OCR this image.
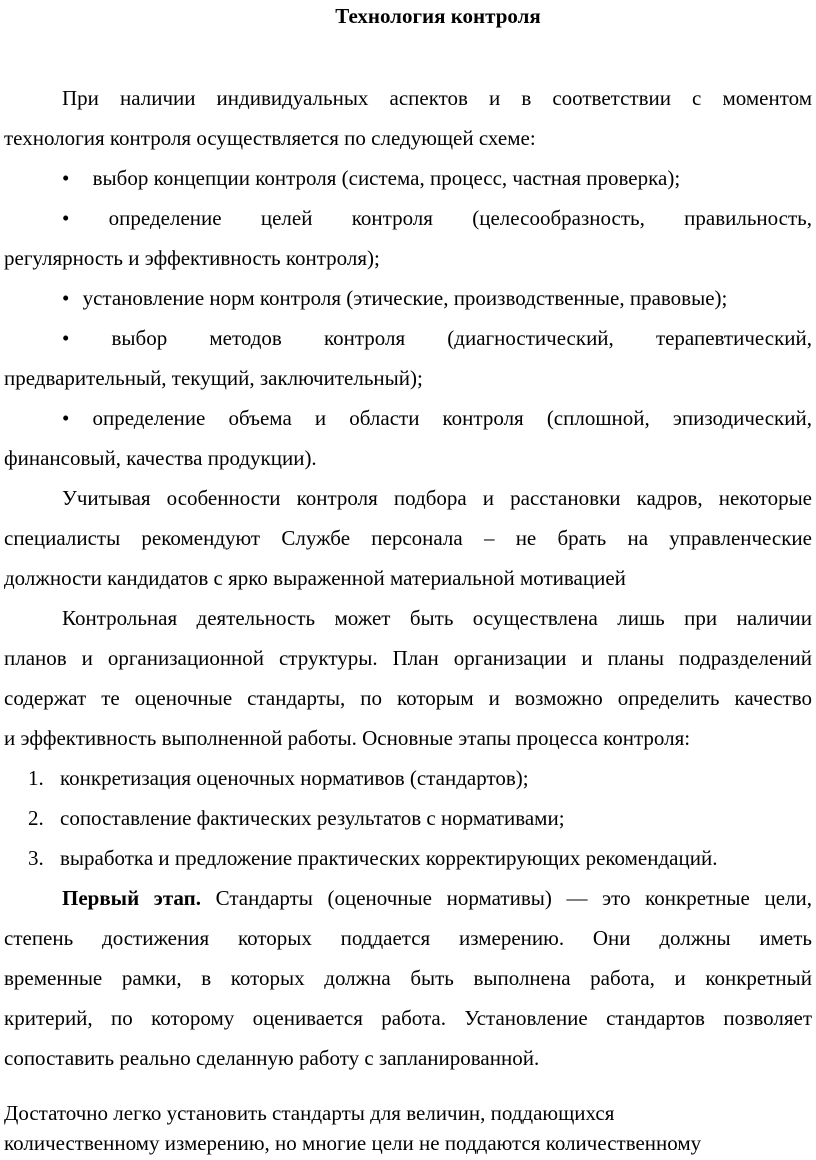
Технология контроля
При наличии индивидуальных аспектов и в соответствии с моментом
технология контроля осуществляется по следующей схеме:
• выбор концепции контроля (система, процесс, частная проверка);
• определение целей контроля (целесообразность, правильность,
регулярность и эффективность контроля);
• установление норм контроля (этические, производственные, правовые);
• выбор методов контроля (диагностический, терапевтический,
предварительный, текущий, заключительный);
• определение объема и области контроля (сплошной, эпизодический,
финансовый, качества продукции).
Учитывая особенности контроля подбора и расстановки кадров, некоторые
специалисты рекомендуют Службе персонала – не брать на управленческие
должности кандидатов с ярко выраженной материальной мотивацией
Контрольная деятельность может быть осуществлена лишь при наличии
планов и организационной структуры. План организации и планы подразделений
содержат те оценочные стандарты, по которым и возможно определить качество
и эффективность выполненной работы. Основные этапы процесса контроля:
1. конкретизация оценочных нормативов (стандартов);
2. сопоставление фактических результатов с нормативами;
3. выработка и предложение практических корректирующих рекомендаций.
Первый этап. Стандарты (оценочные нормативы) — это конкретные цели,
степень достижения которых поддается измерению. Они должны иметь
временные рамки, в которых должна быть выполнена работа, и конкретный
критерий, по которому оценивается работа. Установление стандартов позволяет
сопоставить реально сделанную работу с запланированной.
Достаточно легко установить стандарты для величин, поддающихся
количественному измерению, но многие цели не поддаются количественному
